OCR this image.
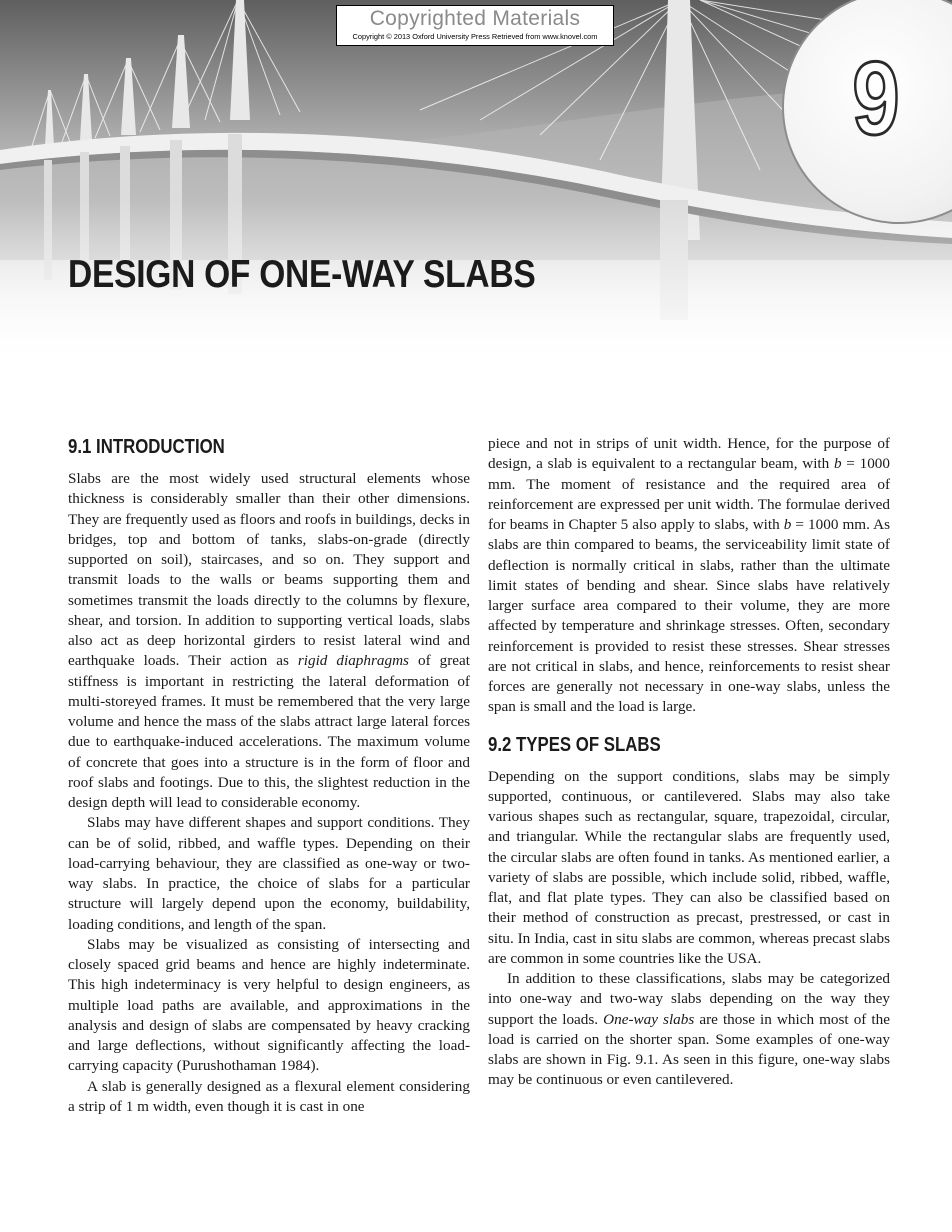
9
Copyrighted Materials
Copyright © 2013 Oxford University Press Retrieved from www.knovel.com
DESIGN OF ONE-WAY SLABS
9.1 INTRODUCTION

Slabs are the most widely used structural elements whose thickness is considerably smaller than their other dimensions. They are frequently used as floors and roofs in buildings, decks in bridges, top and bottom of tanks, slabs-on-grade (directly supported on soil), staircases, and so on. They support and transmit loads to the walls or beams supporting them and sometimes transmit the loads directly to the columns by flexure, shear, and torsion. In addition to supporting vertical loads, slabs also act as deep horizontal girders to resist lateral wind and earthquake loads. Their action as rigid diaphragms of great stiffness is important in restricting the lateral deformation of multi-storeyed frames. It must be remembered that the very large volume and hence the mass of the slabs attract large lateral forces due to earthquake-induced accelerations. The maximum volume of concrete that goes into a structure is in the form of floor and roof slabs and footings. Due to this, the slightest reduction in the design depth will lead to considerable economy.

Slabs may have different shapes and support conditions. They can be of solid, ribbed, and waffle types. Depending on their load-carrying behaviour, they are classified as one-way or two-way slabs. In practice, the choice of slabs for a particular structure will largely depend upon the economy, buildability, loading conditions, and length of the span.

Slabs may be visualized as consisting of intersecting and closely spaced grid beams and hence are highly indeterminate. This high indeterminacy is very helpful to design engineers, as multiple load paths are available, and approximations in the analysis and design of slabs are compensated by heavy cracking and large deflections, without significantly affecting the load-carrying capacity (Purushothaman 1984).

A slab is generally designed as a flexural element considering a strip of 1 m width, even though it is cast in one

piece and not in strips of unit width. Hence, for the purpose of design, a slab is equivalent to a rectangular beam, with b = 1000 mm. The moment of resistance and the required area of reinforcement are expressed per unit width. The formulae derived for beams in Chapter 5 also apply to slabs, with b = 1000 mm. As slabs are thin compared to beams, the serviceability limit state of deflection is normally critical in slabs, rather than the ultimate limit states of bending and shear. Since slabs have relatively larger surface area compared to their volume, they are more affected by temperature and shrinkage stresses. Often, secondary reinforcement is provided to resist these stresses. Shear stresses are not critical in slabs, and hence, reinforcements to resist shear forces are generally not necessary in one-way slabs, unless the span is small and the load is large.

9.2 TYPES OF SLABS

Depending on the support conditions, slabs may be simply supported, continuous, or cantilevered. Slabs may also take various shapes such as rectangular, square, trapezoidal, circular, and triangular. While the rectangular slabs are frequently used, the circular slabs are often found in tanks. As mentioned earlier, a variety of slabs are possible, which include solid, ribbed, waffle, flat, and flat plate types. They can also be classified based on their method of construction as precast, prestressed, or cast in situ. In India, cast in situ slabs are common, whereas precast slabs are common in some countries like the USA.

In addition to these classifications, slabs may be categorized into one-way and two-way slabs depending on the way they support the loads. One-way slabs are those in which most of the load is carried on the shorter span. Some examples of one-way slabs are shown in Fig. 9.1. As seen in this figure, one-way slabs may be continuous or even cantilevered.
